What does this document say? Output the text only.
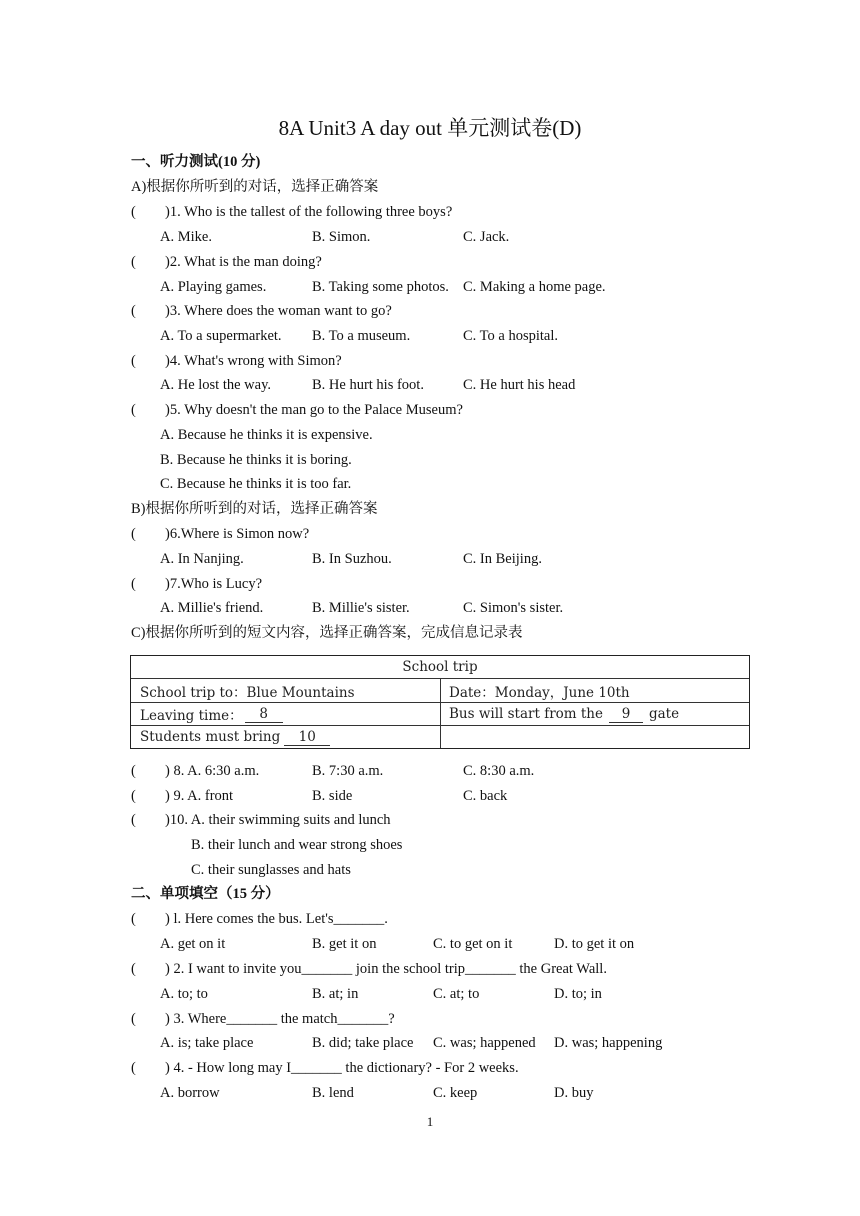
8A Unit3 A day out 单元测试卷(D)
一、听力测试(10 分)
A)根据你所听到的对话，选择正确答案
( )1. Who is the tallest of the following three boys?
A. Mike.	B. Simon.	C. Jack.
( )2. What is the man doing?
A. Playing games.	B. Taking some photos. C. Making a home page.
( )3. Where does the woman want to go?
A. To a supermarket. B. To a museum.	C. To a hospital.
( )4. What's wrong with Simon?
A. He lost the way.	B. He hurt his foot.	C. He hurt his head
( )5. Why doesn't the man go to the Palace Museum?
A. Because he thinks it is expensive.
B. Because he thinks it is boring.
C. Because he thinks it is too far.
B)根据你所听到的对话，选择正确答案
( )6.Where is Simon now?
A. In Nanjing.	B. In Suzhou.	C. In Beijing.
( )7.Who is Lucy?
A. Millie's friend.	B. Millie's sister.	C. Simon's sister.
C)根据你所听到的短文内容，选择正确答案，完成信息记录表
School trip
School trip to：Blue Mountains	Date：Monday，June 10th
Leaving time：	8	Bus will start from the	9	gate
Students must bring	10
( ) 8. A. 6:30 a.m.	B. 7:30 a.m.	C. 8:30 a.m.
( ) 9. A. front	B. side	C. back
( )10. A. their swimming suits and lunch
B. their lunch and wear strong shoes
C. their sunglasses and hats
二、单项填空（15 分）
( ) l. Here comes the bus. Let's_______.
A. get on it	B. get it on	C. to get on it	D. to get it on
( ) 2. I want to invite you_______ join the school trip_______ the Great Wall.
A. to; to	B. at; in	C. at; to	D. to; in
( ) 3. Where_______ the match_______?
A. is; take place	B. did; take place C. was; happened D. was; happening
( ) 4. - How long may I_______ the dictionary? - For 2 weeks.
A. borrow	B. lend	C. keep	D. buy
1
